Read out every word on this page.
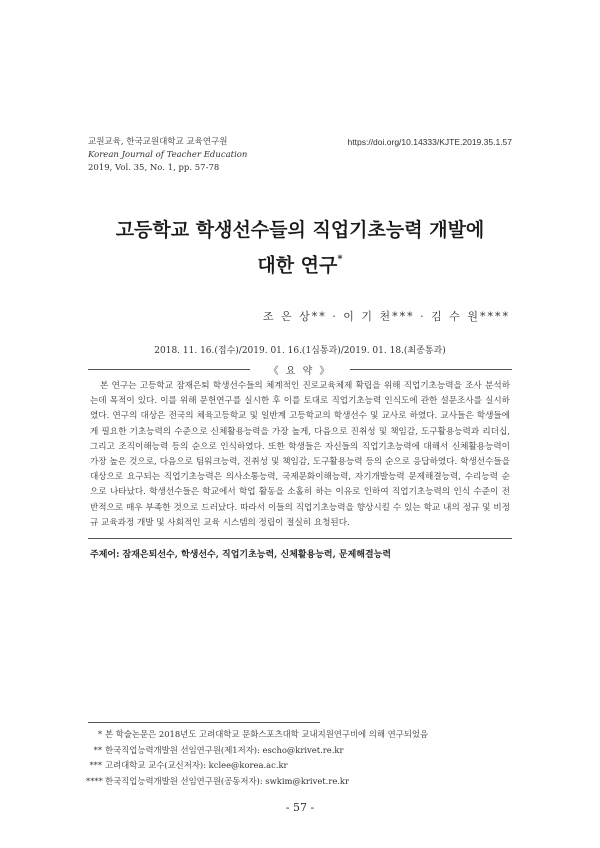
교원교육, 한국교원대학교 교육연구원
Korean Journal of Teacher Education
2019, Vol. 35, No. 1, pp. 57-78
https://doi.org/10.14333/KJTE.2019.35.1.57
고등학교 학생선수들의 직업기초능력 개발에
대한 연구*
조 은 상** · 이 기 천*** · 김 수 원****
2018. 11. 16.(접수)/2019. 01. 16.(1심통과)/2019. 01. 18.(최종통과)
《 요 약 》
본 연구는 고등학교 잠재은퇴 학생선수들의 체계적인 진로교육체제 확립을 위해 직업기초능력을 조사 분석하는데 목적이 있다. 이를 위해 문헌연구를 실시한 후 이를 토대로 직업기초능력 인식도에 관한 설문조사를 실시하였다. 연구의 대상은 전국의 체육고등학교 및 일반계 고등학교의 학생선수 및 교사로 하였다. 교사들은 학생들에게 필요한 기초능력의 수준으로 신체활용능력을 가장 높게, 다음으로 진취성 및 책임감, 도구활용능력과 리더십, 그리고 조직이해능력 등의 순으로 인식하였다. 또한 학생들은 자신들의 직업기초능력에 대해서 신체활용능력이 가장 높은 것으로, 다음으로 팀워크능력, 진취성 및 책임감, 도구활용능력 등의 순으로 응답하였다. 학생선수들을 대상으로 요구되는 직업기초능력은 의사소통능력, 국제문화이해능력, 자기개발능력 문제해결능력, 수리능력 순으로 나타났다. 학생선수들은 학교에서 학업 활동을 소홀히 하는 이유로 인하여 직업기초능력의 인식 수준이 전반적으로 매우 부족한 것으로 드러났다. 따라서 이들의 직업기초능력을 향상시킬 수 있는 학교 내의 정규 및 비정규 교육과정 개발 및 사회적인 교육 시스템의 정립이 절실히 요청된다.
주제어: 잠재은퇴선수, 학생선수, 직업기초능력, 신체활용능력, 문제해결능력
* 본 학술논문은 2018년도 고려대학교 문화스포츠대학 교내지원연구비에 의해 연구되었음
** 한국직업능력개발원 선임연구원(제1저자): escho@krivet.re.kr
*** 고려대학교 교수(교신저자): kclee@korea.ac.kr
**** 한국직업능력개발원 선임연구원(공동저자): swkim@krivet.re.kr
- 57 -
